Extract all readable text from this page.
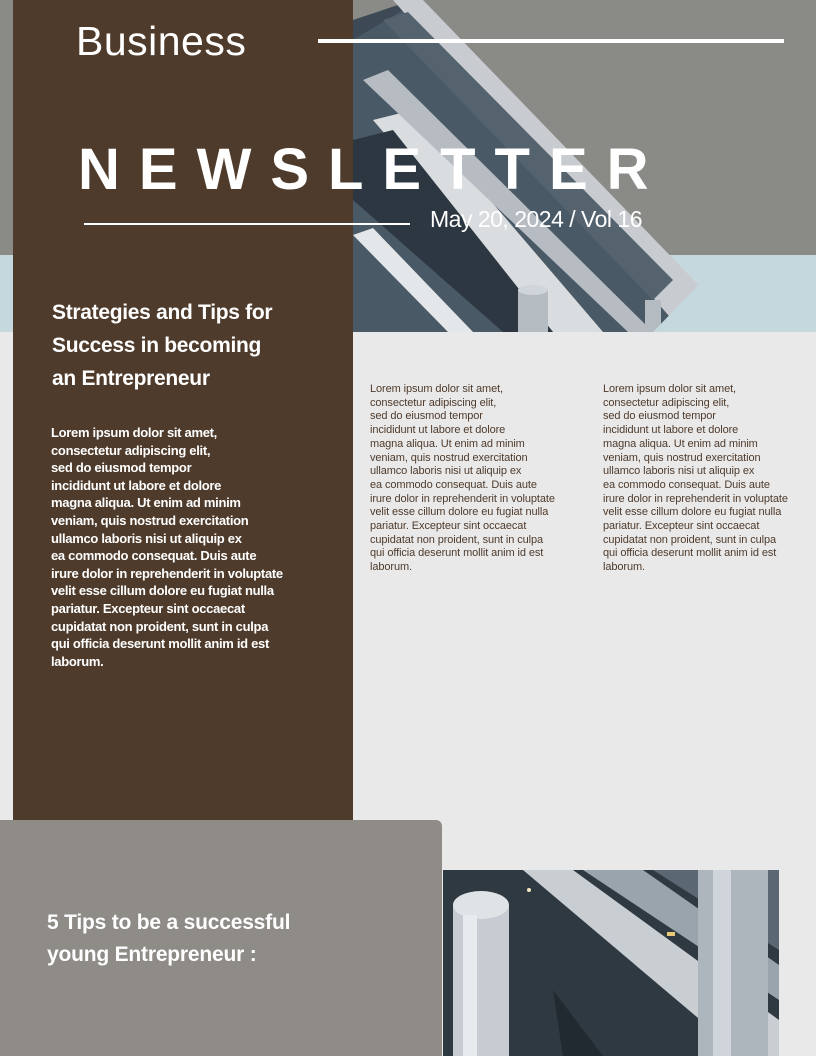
Business
NEWSLETTER
May 20, 2024 / Vol 16
Strategies and Tips for
Success in becoming
an Entrepreneur
Lorem ipsum dolor sit amet,
consectetur adipiscing elit,
sed do eiusmod tempor
incididunt ut labore et dolore
magna aliqua. Ut enim ad minim
veniam, quis nostrud exercitation
ullamco laboris nisi ut aliquip ex
ea commodo consequat. Duis aute
irure dolor in reprehenderit in voluptate
velit esse cillum dolore eu fugiat nulla
pariatur. Excepteur sint occaecat
cupidatat non proident, sunt in culpa
qui officia deserunt mollit anim id est
laborum.
Lorem ipsum dolor sit amet,
consectetur adipiscing elit,
sed do eiusmod tempor
incididunt ut labore et dolore
magna aliqua. Ut enim ad minim
veniam, quis nostrud exercitation
ullamco laboris nisi ut aliquip ex
ea commodo consequat. Duis aute
irure dolor in reprehenderit in voluptate
velit esse cillum dolore eu fugiat nulla
pariatur. Excepteur sint occaecat
cupidatat non proident, sunt in culpa
qui officia deserunt mollit anim id est
laborum.
Lorem ipsum dolor sit amet,
consectetur adipiscing elit,
sed do eiusmod tempor
incididunt ut labore et dolore
magna aliqua. Ut enim ad minim
veniam, quis nostrud exercitation
ullamco laboris nisi ut aliquip ex
ea commodo consequat. Duis aute
irure dolor in reprehenderit in voluptate
velit esse cillum dolore eu fugiat nulla
pariatur. Excepteur sint occaecat
cupidatat non proident, sunt in culpa
qui officia deserunt mollit anim id est
laborum.
5 Tips to be a successful
young Entrepreneur :
